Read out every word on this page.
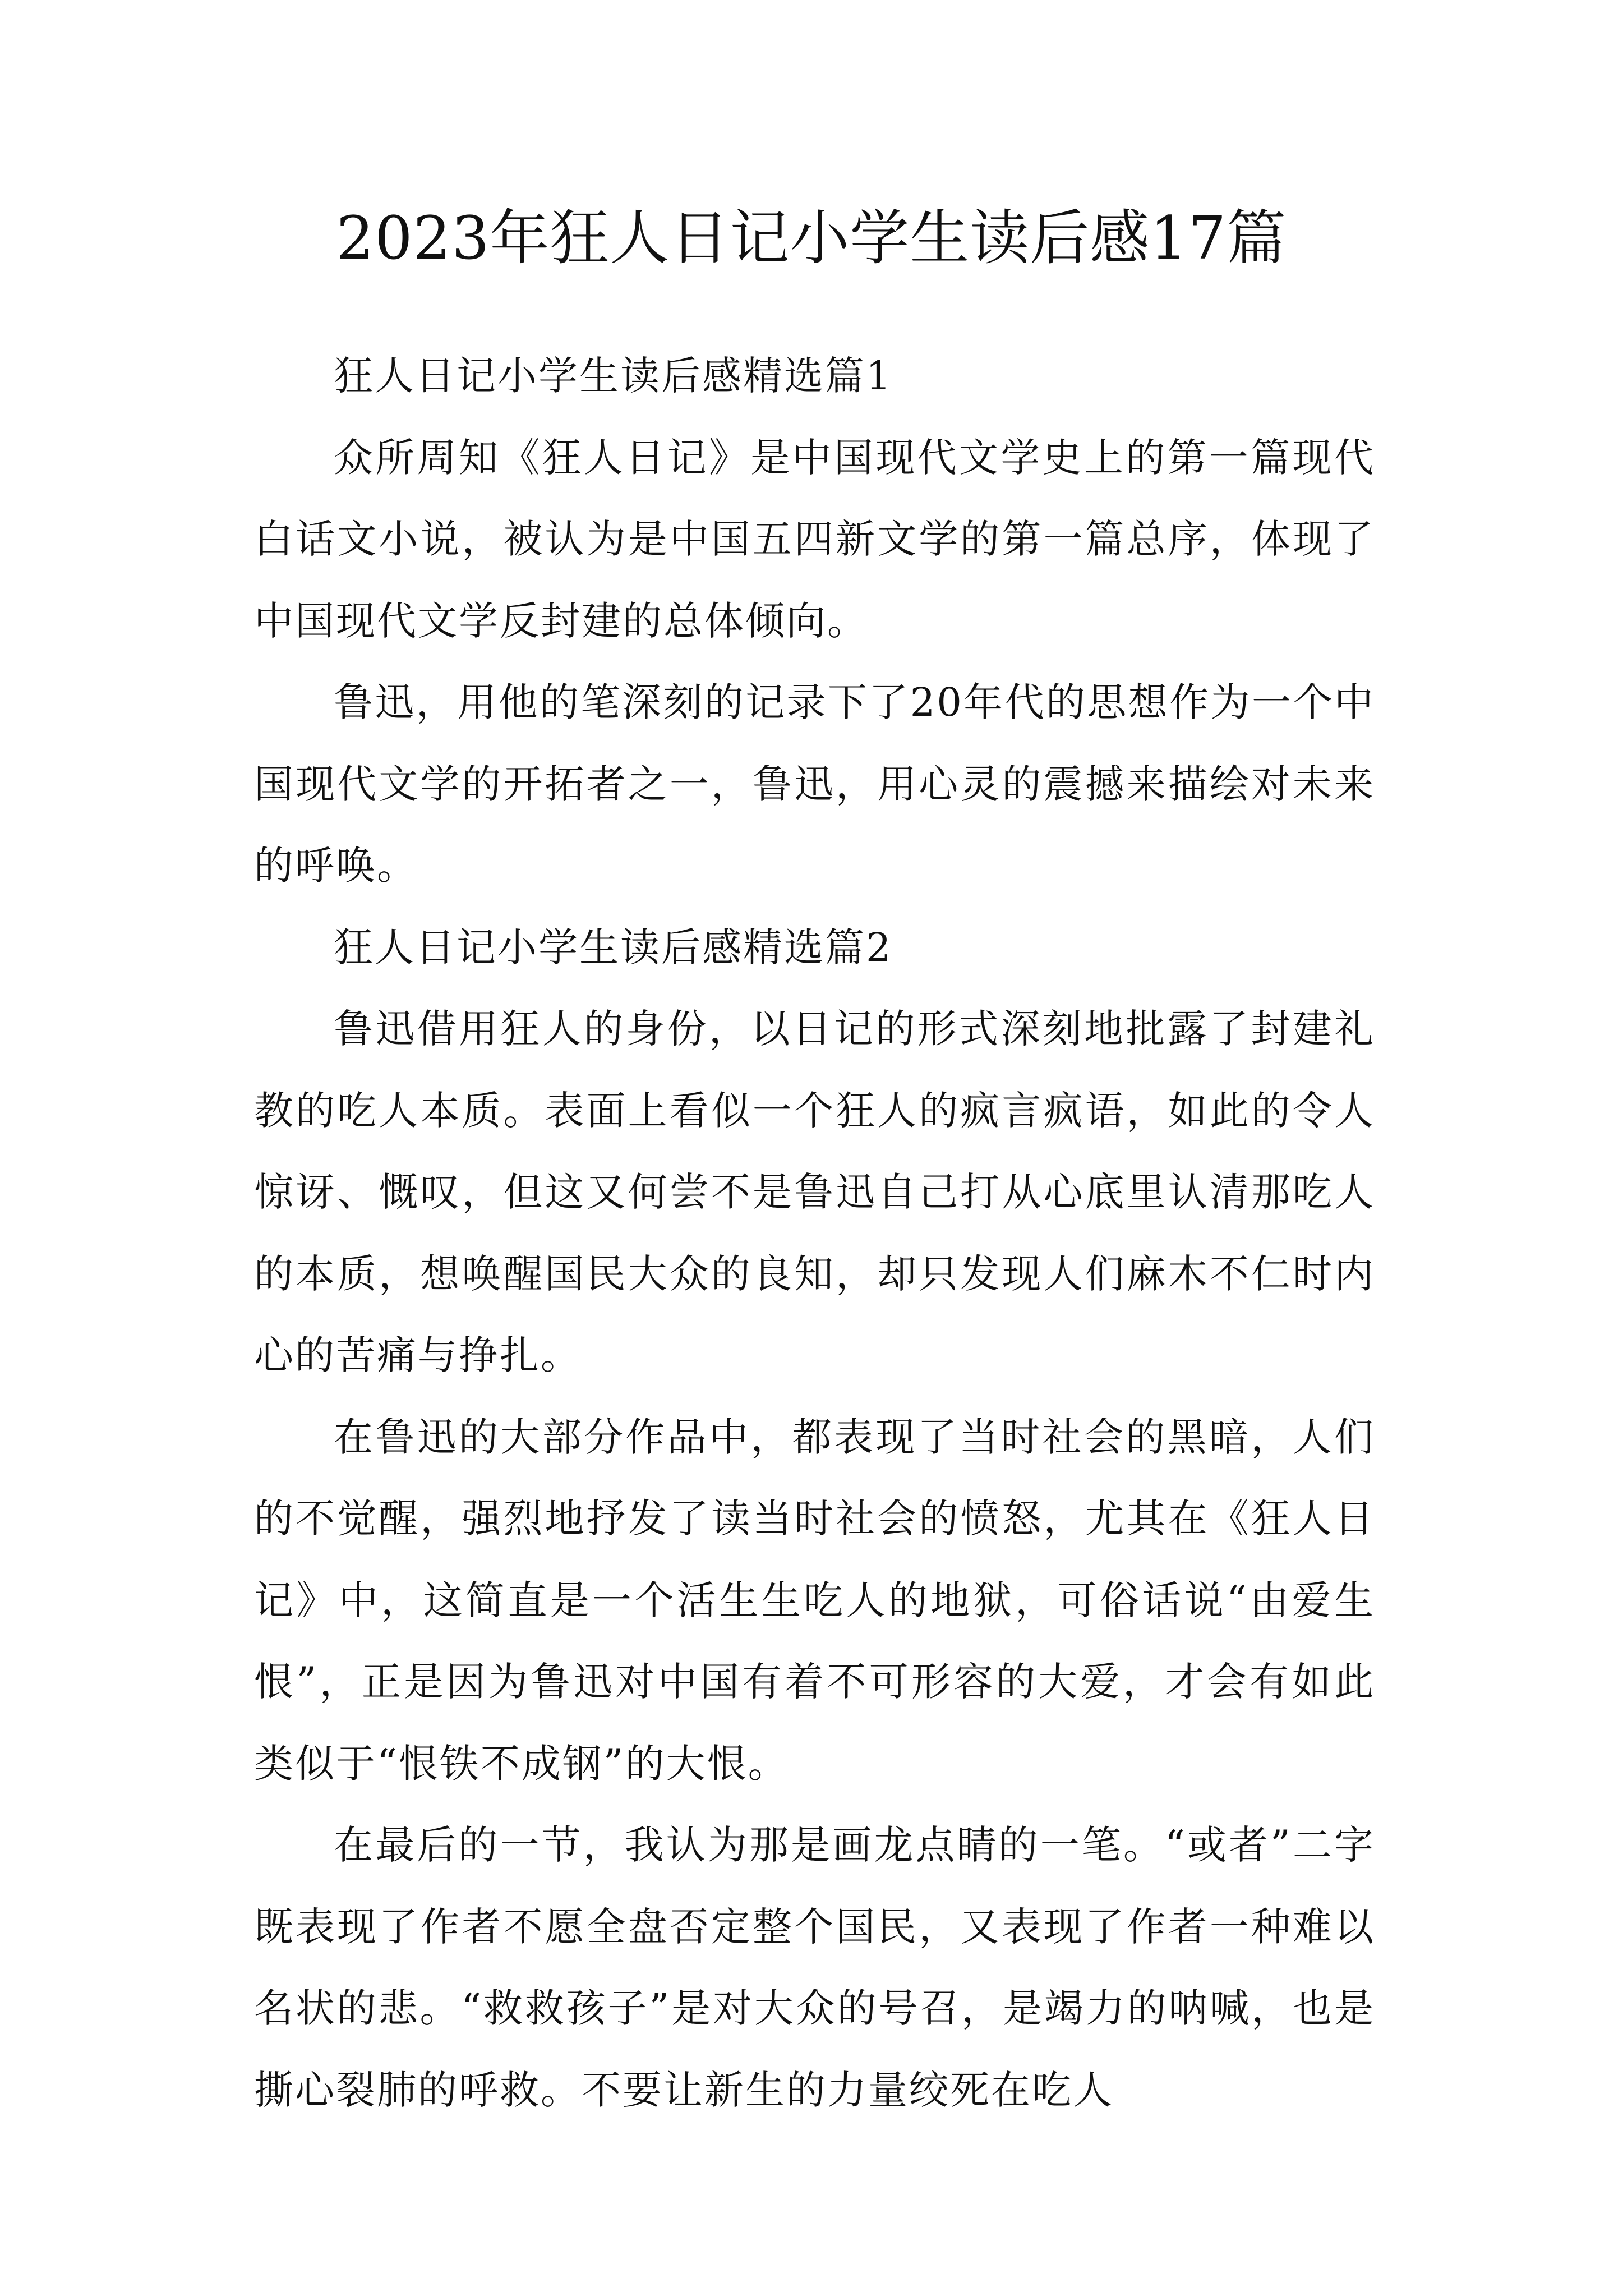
2023年狂人日记小学生读后感17篇

狂人日记小学生读后感精选篇1

众所周知《狂人日记》是中国现代文学史上的第一篇现代白话文小说，被认为是中国五四新文学的第一篇总序，体现了中国现代文学反封建的总体倾向。

鲁迅，用他的笔深刻的记录下了20年代的思想作为一个中国现代文学的开拓者之一，鲁迅，用心灵的震撼来描绘对未来的呼唤。

狂人日记小学生读后感精选篇2

鲁迅借用狂人的身份，以日记的形式深刻地批露了封建礼教的吃人本质。表面上看似一个狂人的疯言疯语，如此的令人惊讶、慨叹，但这又何尝不是鲁迅自己打从心底里认清那吃人的本质，想唤醒国民大众的良知，却只发现人们麻木不仁时内心的苦痛与挣扎。

在鲁迅的大部分作品中，都表现了当时社会的黑暗，人们的不觉醒，强烈地抒发了读当时社会的愤怒，尤其在《狂人日记》中，这简直是一个活生生吃人的地狱，可俗话说“由爱生恨”，正是因为鲁迅对中国有着不可形容的大爱，才会有如此类似于“恨铁不成钢”的大恨。

在最后的一节，我认为那是画龙点睛的一笔。“或者”二字既表现了作者不愿全盘否定整个国民，又表现了作者一种难以名状的悲。“救救孩子”是对大众的号召，是竭力的呐喊，也是撕心裂肺的呼救。不要让新生的力量绞死在吃人
